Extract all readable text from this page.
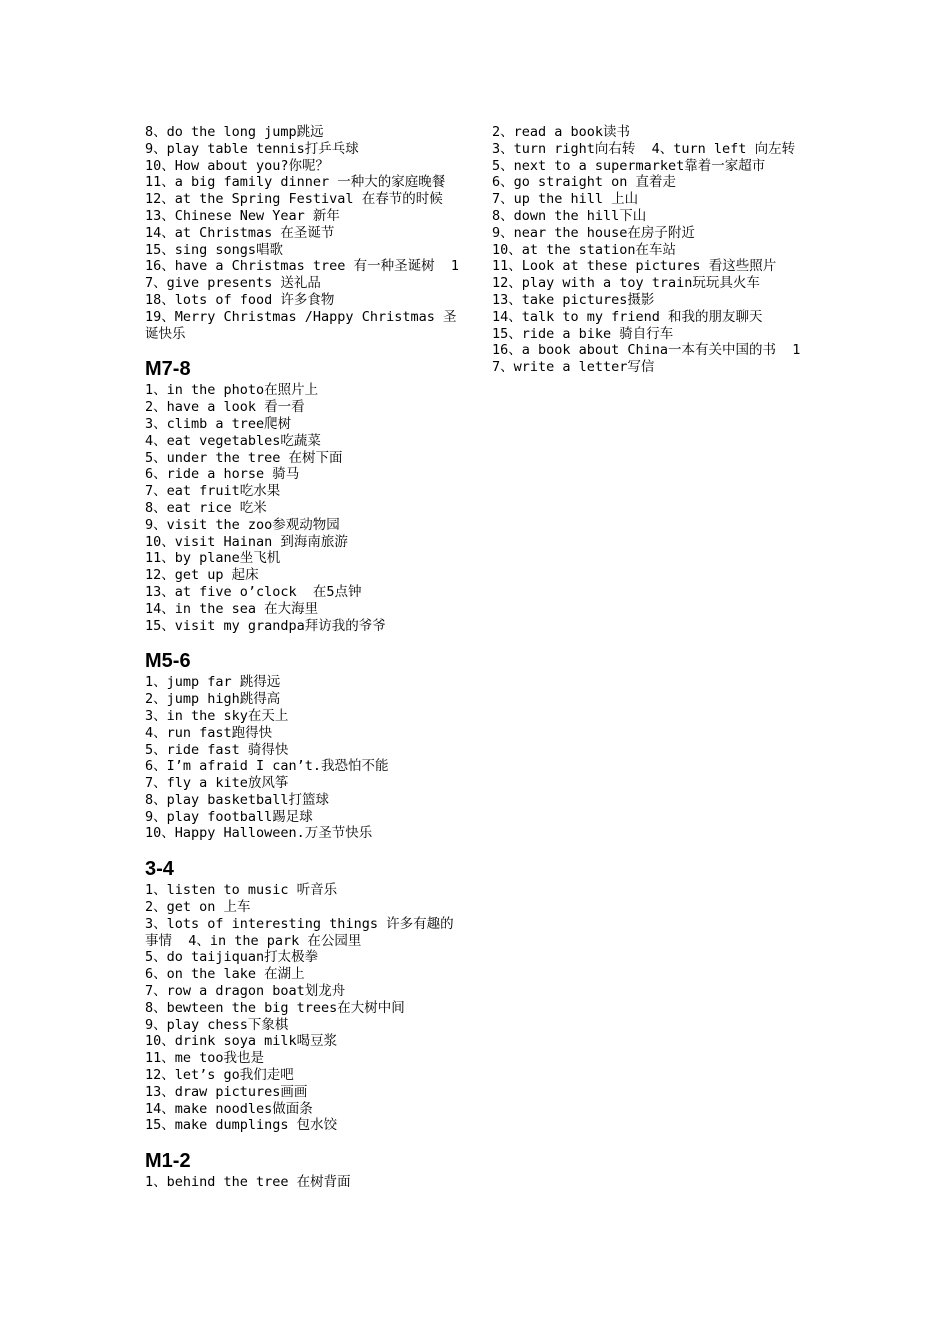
8、do the long jump跳远
9、play table tennis打乒乓球
10、How about you?你呢？
11、a big family dinner 一种大的家庭晚餐  12、at the Spring Festival 在春节的时候
13、Chinese New Year 新年
14、at Christmas 在圣诞节
15、sing songs唱歌
16、have a Christmas tree 有一种圣诞树  17、give presents 送礼品
18、lots of food 许多食物
19、Merry Christmas /Happy Christmas 圣诞快乐
M7-8
1、in the photo在照片上
2、have a look 看一看
3、climb a tree爬树
4、eat vegetables吃蔬菜
5、under the tree 在树下面
6、ride a horse 骑马
7、eat fruit吃水果
8、eat rice 吃米
9、visit the zoo参观动物园
10、visit Hainan 到海南旅游
11、by plane坐飞机
12、get up 起床
13、at five o’clock  在5点钟
14、in the sea 在大海里
15、visit my grandpa拜访我的爷爷
M5-6
1、jump far 跳得远
2、jump high跳得高
3、in the sky在天上
4、run fast跑得快
5、ride fast 骑得快
6、I’m afraid I can’t.我恐怕不能
7、fly a kite放风筝
8、play basketball打篮球
9、play football踢足球
10、Happy Halloween.万圣节快乐
3-4
1、listen to music 听音乐
2、get on 上车
3、lots of interesting things 许多有趣的事情  4、in the park 在公园里
5、do taijiquan打太极拳
6、on the lake 在湖上
7、row a dragon boat划龙舟
8、bewteen the big trees在大树中间
9、play chess下象棋
10、drink soya milk喝豆浆
11、me too我也是
12、let’s go我们走吧
13、draw pictures画画
14、make noodles做面条
15、make dumplings 包水饺
M1-2
1、behind the tree 在树背面
2、read a book读书
3、turn right向右转  4、turn left 向左转
5、next to a supermarket靠着一家超市
6、go straight on 直着走
7、up the hill 上山
8、down the hill下山
9、near the house在房子附近
10、at the station在车站
11、Look at these pictures 看这些照片
12、play with a toy train玩玩具火车
13、take pictures摄影
14、talk to my friend 和我的朋友聊天
15、ride a bike 骑自行车
16、a book about China一本有关中国的书  17、write a letter写信
